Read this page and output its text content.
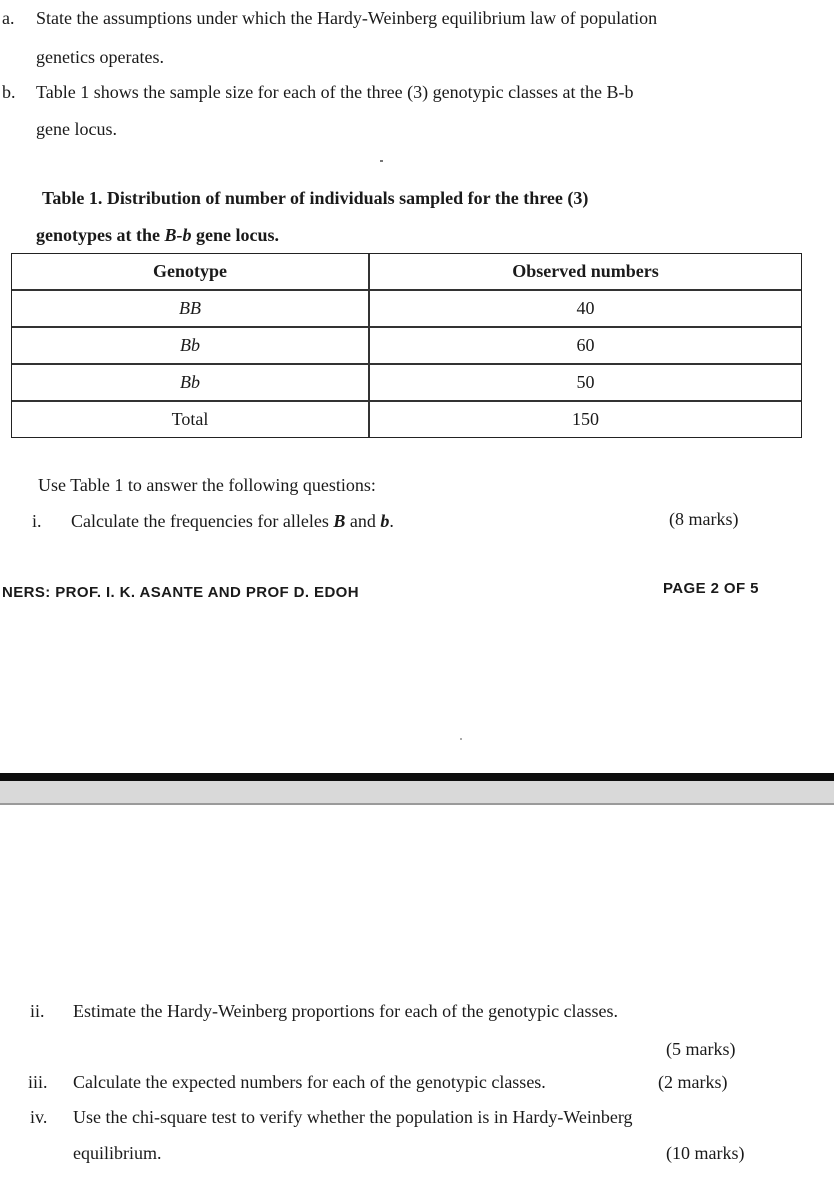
a. State the assumptions under which the Hardy-Weinberg equilibrium law of population
genetics operates.
b. Table 1 shows the sample size for each of the three (3) genotypic classes at the B-b
gene locus.
Table 1. Distribution of number of individuals sampled for the three (3)
genotypes at the B-b gene locus.
Genotype	Observed numbers
BB	40
Bb	60
Bb	50
Total	150
Use Table 1 to answer the following questions:
i. Calculate the frequencies for alleles B and b.	(8 marks)
NERS: PROF. I. K. ASANTE AND PROF D. EDOH	PAGE 2 OF 5
ii. Estimate the Hardy-Weinberg proportions for each of the genotypic classes.
(5 marks)
iii. Calculate the expected numbers for each of the genotypic classes.	(2 marks)
iv. Use the chi-square test to verify whether the population is in Hardy-Weinberg
equilibrium.	(10 marks)
